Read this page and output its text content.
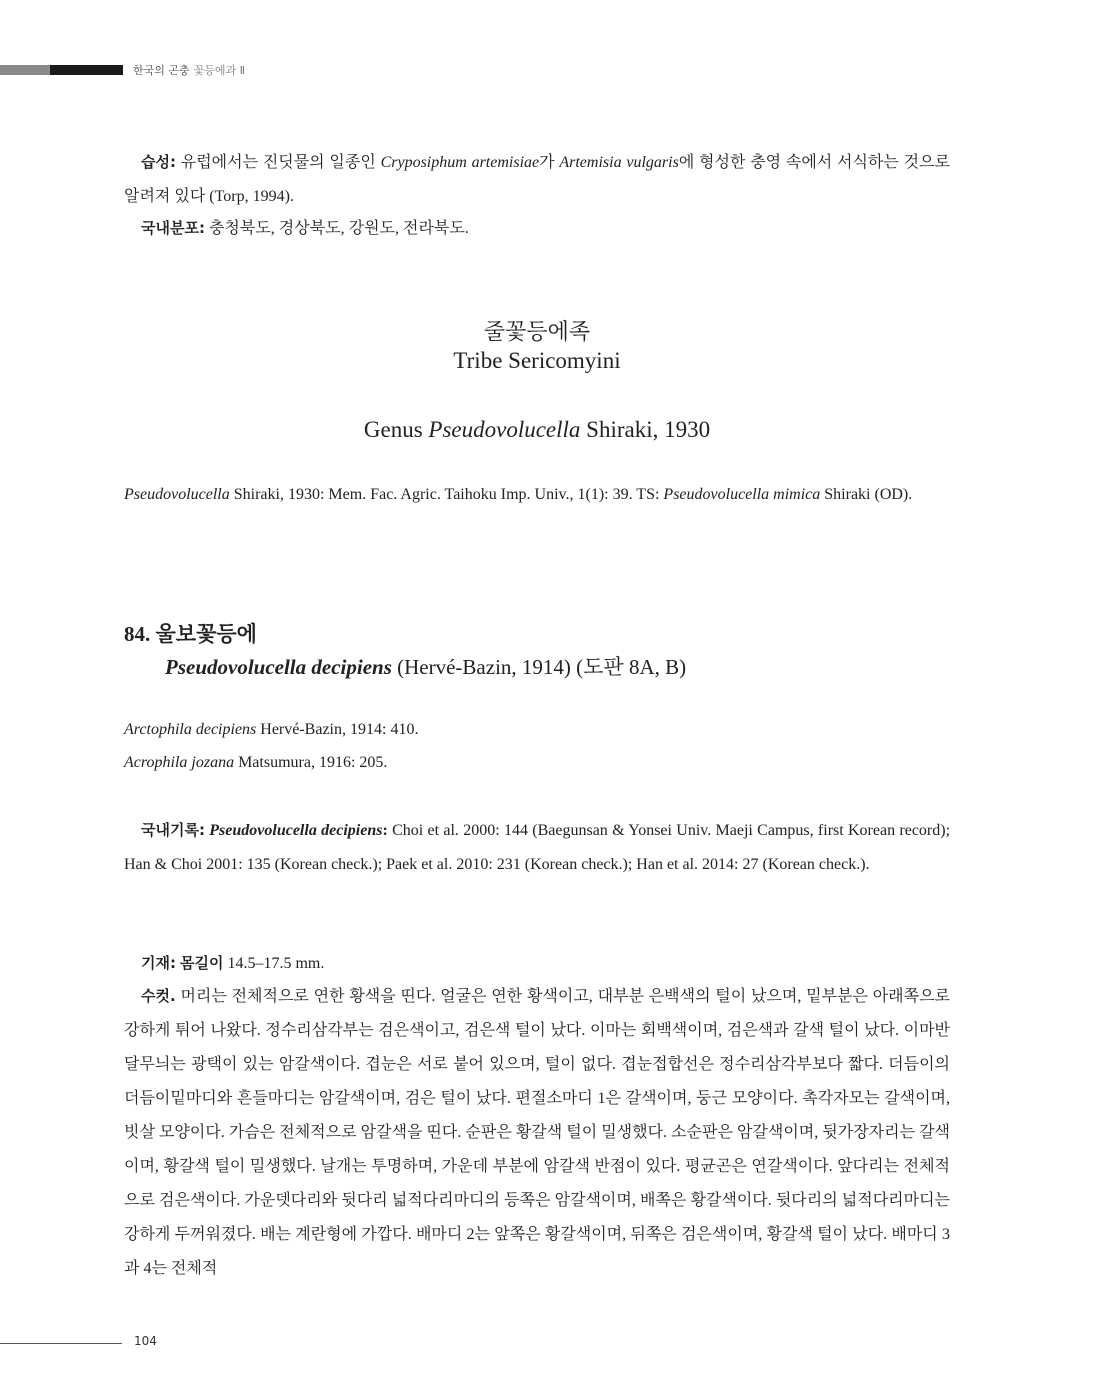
한국의 곤충 꽃등에과 Ⅱ
습성: 유럽에서는 진딧물의 일종인 Cryposiphum artemisiae가 Artemisia vulgaris에 형성한 충영 속에서 서식하는 것으로 알려져 있다 (Torp, 1994).
국내분포: 충청북도, 경상북도, 강원도, 전라북도.
줄꽃등에족
Tribe Sericomyini
Genus Pseudovolucella Shiraki, 1930
Pseudovolucella Shiraki, 1930: Mem. Fac. Agric. Taihoku Imp. Univ., 1(1): 39. TS: Pseudovolucella mimica Shiraki (OD).
84. 울보꽃등에
Pseudovolucella decipiens (Hervé-Bazin, 1914) (도판 8A, B)
Arctophila decipiens Hervé-Bazin, 1914: 410.
Acrophila jozana Matsumura, 1916: 205.
국내기록: Pseudovolucella decipiens: Choi et al. 2000: 144 (Baegunsan & Yonsei Univ. Maeji Campus, first Korean record); Han & Choi 2001: 135 (Korean check.); Paek et al. 2010: 231 (Korean check.); Han et al. 2014: 27 (Korean check.).
기재: 몸길이 14.5–17.5 mm.
수컷. 머리는 전체적으로 연한 황색을 띤다. 얼굴은 연한 황색이고, 대부분 은백색의 털이 났으며, 밑부분은 아래쪽으로 강하게 튀어 나왔다. 정수리삼각부는 검은색이고, 검은색 털이 났다. 이마는 회백색이며, 검은색과 갈색 털이 났다. 이마반달무늬는 광택이 있는 암갈색이다. 겹눈은 서로 붙어 있으며, 털이 없다. 겹눈접합선은 정수리삼각부보다 짧다. 더듬이의 더듬이밑마디와 흔들마디는 암갈색이며, 검은 털이 났다. 편절소마디 1은 갈색이며, 둥근 모양이다. 촉각자모는 갈색이며, 빗살 모양이다. 가슴은 전체적으로 암갈색을 띤다. 순판은 황갈색 털이 밀생했다. 소순판은 암갈색이며, 뒷가장자리는 갈색이며, 황갈색 털이 밀생했다. 날개는 투명하며, 가운데 부분에 암갈색 반점이 있다. 평균곤은 연갈색이다. 앞다리는 전체적으로 검은색이다. 가운뎃다리와 뒷다리 넓적다리마디의 등쪽은 암갈색이며, 배쪽은 황갈색이다. 뒷다리의 넓적다리마디는 강하게 두꺼워졌다. 배는 계란형에 가깝다. 배마디 2는 앞쪽은 황갈색이며, 뒤쪽은 검은색이며, 황갈색 털이 났다. 배마디 3과 4는 전체적
104
